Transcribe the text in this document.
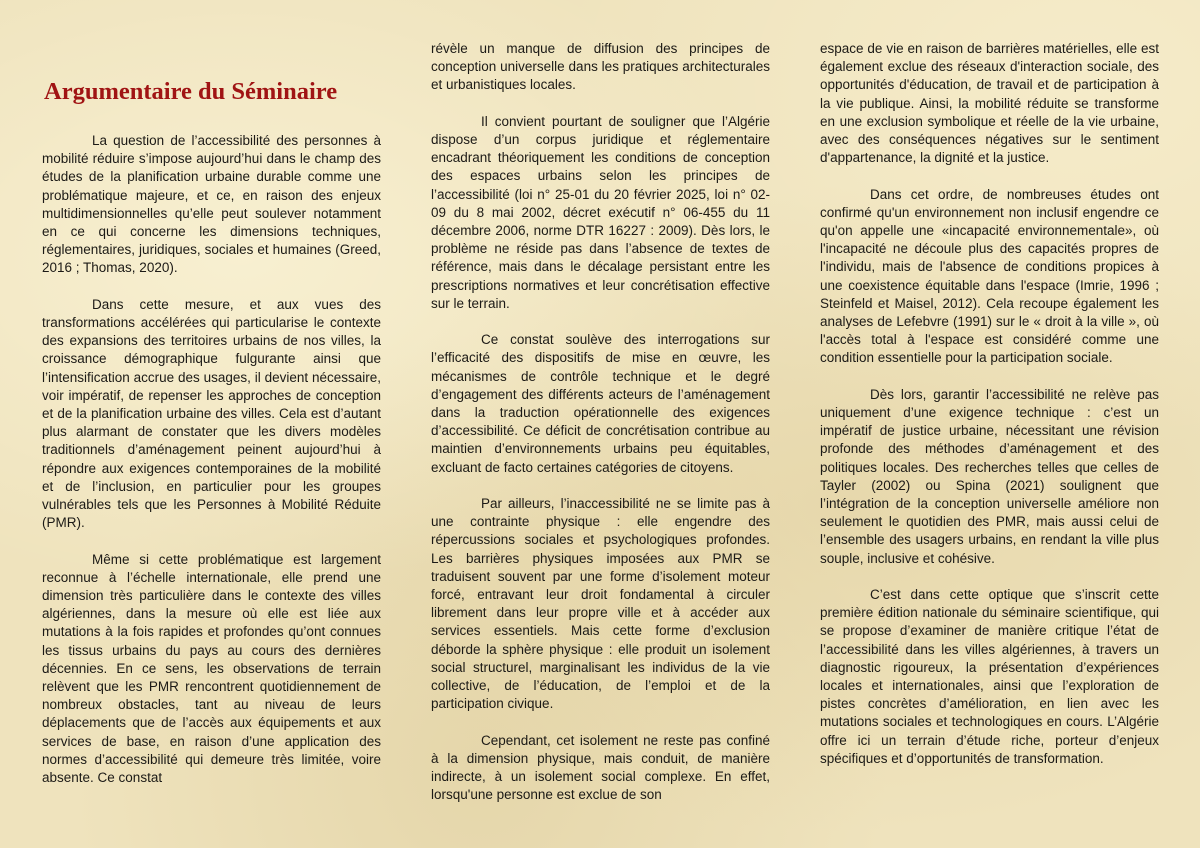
Argumentaire du Séminaire

La question de l’accessibilité des personnes à mobilité réduire s’impose aujourd’hui dans le champ des études de la planification urbaine durable comme une problématique majeure, et ce, en raison des enjeux multidimensionnelles qu’elle peut soulever notamment en ce qui concerne les dimensions techniques, réglementaires, juridiques, sociales et humaines (Greed, 2016 ; Thomas, 2020).

Dans cette mesure, et aux vues des transformations accélérées qui particularise le contexte des expansions des territoires urbains de nos villes, la croissance démographique fulgurante ainsi que l’intensification accrue des usages, il devient nécessaire, voir impératif, de repenser les approches de conception et de la planification urbaine des villes. Cela est d’autant plus alarmant de constater que les divers modèles traditionnels d’aménagement peinent aujourd’hui à répondre aux exigences contemporaines de la mobilité et de l’inclusion, en particulier pour les groupes vulnérables tels que les Personnes à Mobilité Réduite (PMR).

Même si cette problématique est largement reconnue à l’échelle internationale, elle prend une dimension très particulière dans le contexte des villes algériennes, dans la mesure où elle est liée aux mutations à la fois rapides et profondes qu’ont connues les tissus urbains du pays au cours des dernières décennies. En ce sens, les observations de terrain relèvent que les PMR rencontrent quotidiennement de nombreux obstacles, tant au niveau de leurs déplacements que de l’accès aux équipements et aux services de base, en raison d’une application des normes d’accessibilité qui demeure très limitée, voire absente. Ce constat

révèle un manque de diffusion des principes de conception universelle dans les pratiques architecturales et urbanistiques locales.

Il convient pourtant de souligner que l’Algérie dispose d’un corpus juridique et réglementaire encadrant théoriquement les conditions de conception des espaces urbains selon les principes de l’accessibilité (loi n° 25-01 du 20 février 2025, loi n° 02-09 du 8 mai 2002, décret exécutif n° 06-455 du 11 décembre 2006, norme DTR 16227 : 2009). Dès lors, le problème ne réside pas dans l’absence de textes de référence, mais dans le décalage persistant entre les prescriptions normatives et leur concrétisation effective sur le terrain.

Ce constat soulève des interrogations sur l’efficacité des dispositifs de mise en œuvre, les mécanismes de contrôle technique et le degré d’engagement des différents acteurs de l’aménagement dans la traduction opérationnelle des exigences d’accessibilité. Ce déficit de concrétisation contribue au maintien d’environnements urbains peu équitables, excluant de facto certaines catégories de citoyens.

Par ailleurs, l’inaccessibilité ne se limite pas à une contrainte physique : elle engendre des répercussions sociales et psychologiques profondes. Les barrières physiques imposées aux PMR se traduisent souvent par une forme d’isolement moteur forcé, entravant leur droit fondamental à circuler librement dans leur propre ville et à accéder aux services essentiels. Mais cette forme d’exclusion déborde la sphère physique : elle produit un isolement social structurel, marginalisant les individus de la vie collective, de l’éducation, de l’emploi et de la participation civique.

Cependant, cet isolement ne reste pas confiné à la dimension physique, mais conduit, de manière indirecte, à un isolement social complexe. En effet, lorsqu'une personne est exclue de son

espace de vie en raison de barrières matérielles, elle est également exclue des réseaux d'interaction sociale, des opportunités d'éducation, de travail et de participation à la vie publique. Ainsi, la mobilité réduite se transforme en une exclusion symbolique et réelle de la vie urbaine, avec des conséquences négatives sur le sentiment d'appartenance, la dignité et la justice.

Dans cet ordre, de nombreuses études ont confirmé qu'un environnement non inclusif engendre ce qu'on appelle une «incapacité environnementale», où l'incapacité ne découle plus des capacités propres de l'individu, mais de l'absence de conditions propices à une coexistence équitable dans l'espace (Imrie, 1996 ; Steinfeld et Maisel, 2012). Cela recoupe également les analyses de Lefebvre (1991) sur le « droit à la ville », où l'accès total à l'espace est considéré comme une condition essentielle pour la participation sociale.

Dès lors, garantir l’accessibilité ne relève pas uniquement d’une exigence technique : c’est un impératif de justice urbaine, nécessitant une révision profonde des méthodes d’aménagement et des politiques locales. Des recherches telles que celles de Tayler (2002) ou Spina (2021) soulignent que l’intégration de la conception universelle améliore non seulement le quotidien des PMR, mais aussi celui de l’ensemble des usagers urbains, en rendant la ville plus souple, inclusive et cohésive.

C’est dans cette optique que s’inscrit cette première édition nationale du séminaire scientifique, qui se propose d’examiner de manière critique l’état de l’accessibilité dans les villes algériennes, à travers un diagnostic rigoureux, la présentation d’expériences locales et internationales, ainsi que l’exploration de pistes concrètes d’amélioration, en lien avec les mutations sociales et technologiques en cours. L’Algérie offre ici un terrain d’étude riche, porteur d’enjeux spécifiques et d’opportunités de transformation.
